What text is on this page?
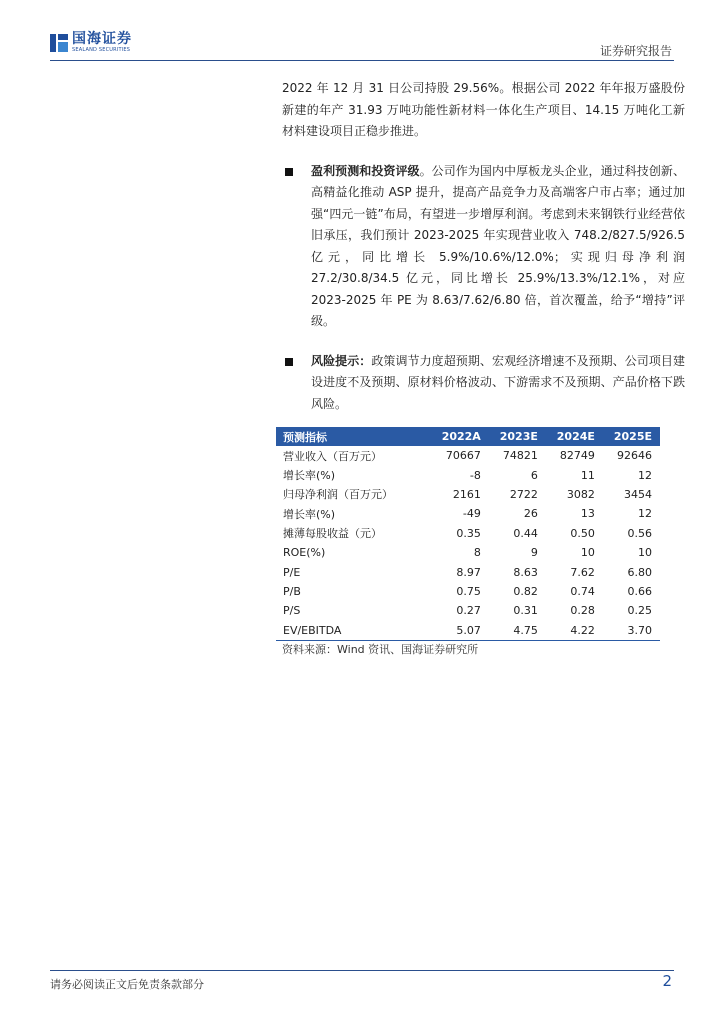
国海证券
SEALAND SECURITIES	证券研究报告

2022 年 12 月 31 日公司持股 29.56%。根据公司 2022 年年报万盛股份新建的年产 31.93 万吨功能性新材料一体化生产项目、14.15 万吨化工新材料建设项目正稳步推进。

盈利预测和投资评级。公司作为国内中厚板龙头企业，通过科技创新、高精益化推动 ASP 提升，提高产品竞争力及高端客户市占率；通过加强“四元一链”布局，有望进一步增厚利润。考虑到未来钢铁行业经营依旧承压，我们预计 2023-2025 年实现营业收入 748.2/827.5/926.5 亿元，同比增长 5.9%/10.6%/12.0%；实现归母净利润 27.2/30.8/34.5 亿元，同比增长 25.9%/13.3%/12.1%，对应 2023-2025 年 PE 为 8.63/7.62/6.80 倍，首次覆盖，给予“增持”评级。
风险提示：政策调节力度超预期、宏观经济增速不及预期、公司项目建设进度不及预期、原材料价格波动、下游需求不及预期、产品价格下跌风险。
预测指标	2022A	2023E	2024E	2025E
营业收入（百万元）	70667	74821	82749	92646
增长率(%)	-8	6	11	12
归母净利润（百万元）	2161	2722	3082	3454
增长率(%)	-49	26	13	12
摊薄每股收益（元）	0.35	0.44	0.50	0.56
ROE(%)	8	9	10	10
P/E	8.97	8.63	7.62	6.80
P/B	0.75	0.82	0.74	0.66
P/S	0.27	0.31	0.28	0.25
EV/EBITDA	5.07	4.75	4.22	3.70
资料来源：Wind 资讯、国海证券研究所
请务必阅读正文后免责条款部分	2
